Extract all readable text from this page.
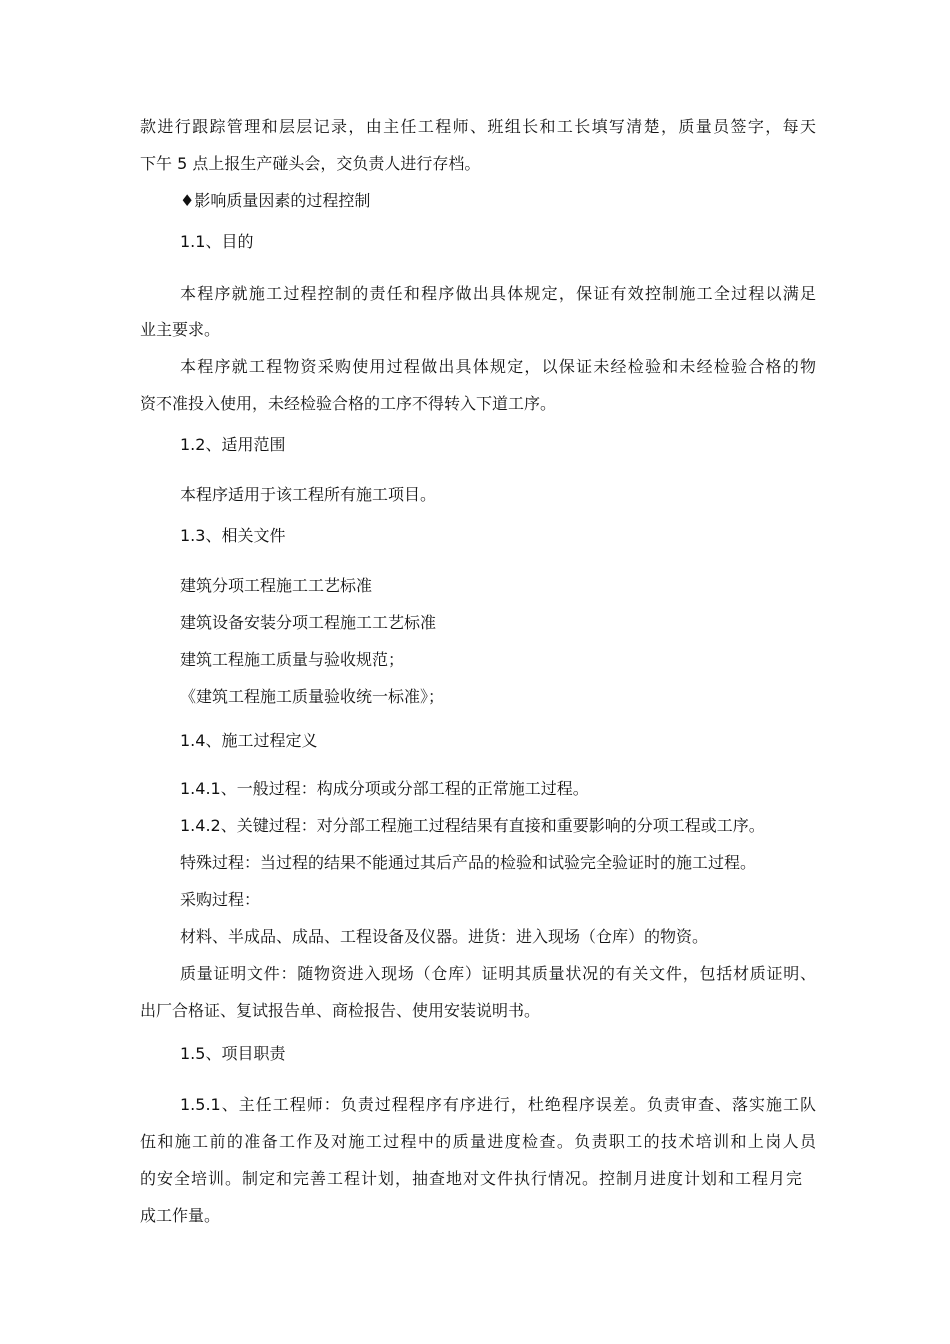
款进行跟踪管理和层层记录，由主任工程师、班组长和工长填写清楚，质量员签字，每天
下午 5 点上报生产碰头会，交负责人进行存档。
♦影响质量因素的过程控制
1.1、目的
本程序就施工过程控制的责任和程序做出具体规定，保证有效控制施工全过程以满足
业主要求。
本程序就工程物资采购使用过程做出具体规定，以保证未经检验和未经检验合格的物
资不准投入使用，未经检验合格的工序不得转入下道工序。
1.2、适用范围
本程序适用于该工程所有施工项目。
1.3、相关文件
建筑分项工程施工工艺标准
建筑设备安装分项工程施工工艺标准
建筑工程施工质量与验收规范；
《建筑工程施工质量验收统一标准》；
1.4、施工过程定义
1.4.1、一般过程：构成分项或分部工程的正常施工过程。
1.4.2、关键过程：对分部工程施工过程结果有直接和重要影响的分项工程或工序。
特殊过程：当过程的结果不能通过其后产品的检验和试验完全验证时的施工过程。
采购过程：
材料、半成品、成品、工程设备及仪器。进货：进入现场（仓库）的物资。
质量证明文件：随物资进入现场（仓库）证明其质量状况的有关文件，包括材质证明、
出厂合格证、复试报告单、商检报告、使用安装说明书。
1.5、项目职责
1.5.1、主任工程师：负责过程程序有序进行，杜绝程序误差。负责审查、落实施工队
伍和施工前的准备工作及对施工过程中的质量进度检查。负责职工的技术培训和上岗人员
的安全培训。制定和完善工程计划，抽查地对文件执行情况。控制月进度计划和工程月完
成工作量。
